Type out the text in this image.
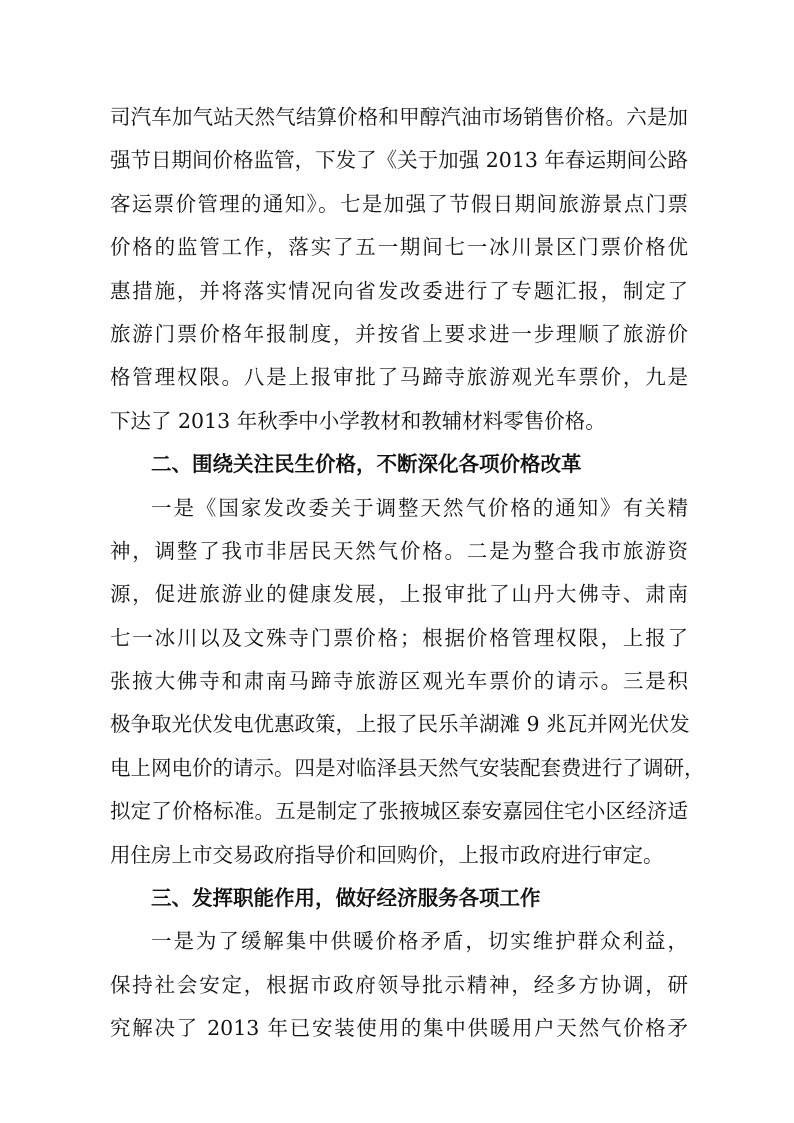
司汽车加气站天然气结算价格和甲醇汽油市场销售价格。六是加
强节日期间价格监管，下发了《关于加强 2013 年春运期间公路
客运票价管理的通知》。七是加强了节假日期间旅游景点门票
价格的监管工作，落实了五一期间七一冰川景区门票价格优
惠措施，并将落实情况向省发改委进行了专题汇报，制定了
旅游门票价格年报制度，并按省上要求进一步理顺了旅游价
格管理权限。八是上报审批了马蹄寺旅游观光车票价，九是
下达了 2013 年秋季中小学教材和教辅材料零售价格。
二、围绕关注民生价格，不断深化各项价格改革
一是《国家发改委关于调整天然气价格的通知》有关精
神，调整了我市非居民天然气价格。二是为整合我市旅游资
源，促进旅游业的健康发展，上报审批了山丹大佛寺、肃南
七一冰川以及文殊寺门票价格；根据价格管理权限，上报了
张掖大佛寺和肃南马蹄寺旅游区观光车票价的请示。三是积
极争取光伏发电优惠政策，上报了民乐羊湖滩 9 兆瓦并网光伏发
电上网电价的请示。四是对临泽县天然气安装配套费进行了调研，
拟定了价格标准。五是制定了张掖城区泰安嘉园住宅小区经济适
用住房上市交易政府指导价和回购价，上报市政府进行审定。
三、发挥职能作用，做好经济服务各项工作
一是为了缓解集中供暖价格矛盾，切实维护群众利益，
保持社会安定，根据市政府领导批示精神，经多方协调，研
究解决了 2013 年已安装使用的集中供暖用户天然气价格矛
